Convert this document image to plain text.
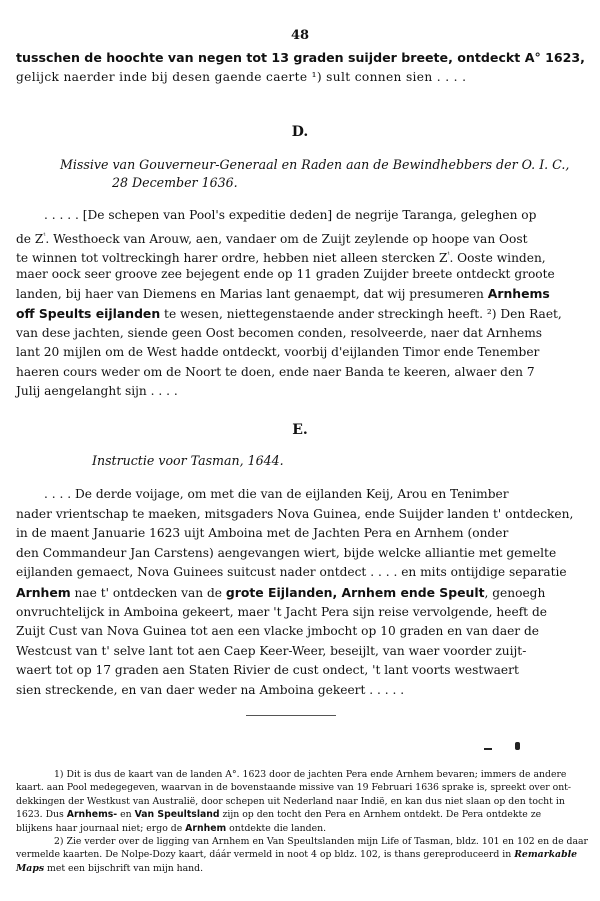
48
tusschen de hoochte van negen tot 13 graden suijder breete, ontdeckt A° 1623,
gelijck naerder inde bij desen gaende caerte ¹) sult connen sien . . . .
D.
Missive van Gouverneur-Generaal en Raden aan de Bewindhebbers der O. I. C.,
28 December 1636.
. . . . . [De schepen van Pool's expeditie deden] de negrije Taranga, geleghen op
de $Z^ᵗ$. Westhoeck van Arouw, aen, vandaer om de Zuijt zeylende op hoope van Oost
te winnen tot voltreckingh harer ordre, hebben niet alleen stercken $Z^ᵗ$. Ooste winden,
maer oock seer groove zee bejegent ende op 11 graden Zuijder breete ontdeckt groote
landen, bij haer van Diemens en Marias lant genaempt, dat wij presumeren Arnhems
off Speults eijlanden te wesen, niettegenstaende ander streckingh heeft. ²) Den Raet,
van dese jachten, siende geen Oost becomen conden, resolveerde, naer dat Arnhems
lant 20 mijlen om de West hadde ontdeckt, voorbij d'eijlanden Timor ende Tenember
haeren cours weder om de Noort te doen, ende naer Banda te keeren, alwaer den 7
Julij aengelanght sijn . . . .
E.
Instructie voor Tasman, 1644.
. . . . De derde voijage, om met die van de eijlanden Keij, Arou en Tenimber
nader vrientschap te maeken, mitsgaders Nova Guinea, ende Suijder landen t' ontdecken,
in de maent Januarie 1623 uijt Amboina met de Jachten Pera en Arnhem (onder
den Commandeur Jan Carstens) aengevangen wiert, bijde welcke alliantie met gemelte
eijlanden gemaect, Nova Guinees suitcust nader ontdect . . . . en mits ontijdige separatie
Arnhem nae t' ontdecken van de grote Eijlanden, Arnhem ende Speult, genoegh
onvruchtelijck in Amboina gekeert, maer 't Jacht Pera sijn reise vervolgende, heeft de
Zuijt Cust van Nova Guinea tot aen een vlacke jmbocht op 10 graden en van daer de
Westcust van t' selve lant tot aen Caep Keer-Weer, beseijlt, van waer voorder zuijt-
waert tot op 17 graden aen Staten Rivier de cust ondect, 't lant voorts westwaert
sien streckende, en van daer weder na Amboina gekeert . . . . .
1) Dit is dus de kaart van de landen A°. 1623 door de jachten Pera ende Arnhem bevaren; immers de andere
kaart. aan Pool medegegeven, waarvan in de bovenstaande missive van 19 Februari 1636 sprake is, spreekt over ont-
dekkingen der Westkust van Australië, door schepen uit Nederland naar Indië, en kan dus niet slaan op den tocht in
1623. Dus Arnhems- en Van Speultsland zijn op den tocht den Pera en Arnhem ontdekt. De Pera ontdekte ze
blijkens haar journaal niet; ergo de Arnhem ontdekte die landen.
2) Zie verder over de ligging van Arnhem en Van Speultslanden mijn Life of Tasman, bldz. 101 en 102 en de daar
vermelde kaarten. De Nolpe-Dozy kaart, dáár vermeld in noot 4 op bldz. 102, is thans gereproduceerd in Remarkable
Maps met een bijschrift van mijn hand.
